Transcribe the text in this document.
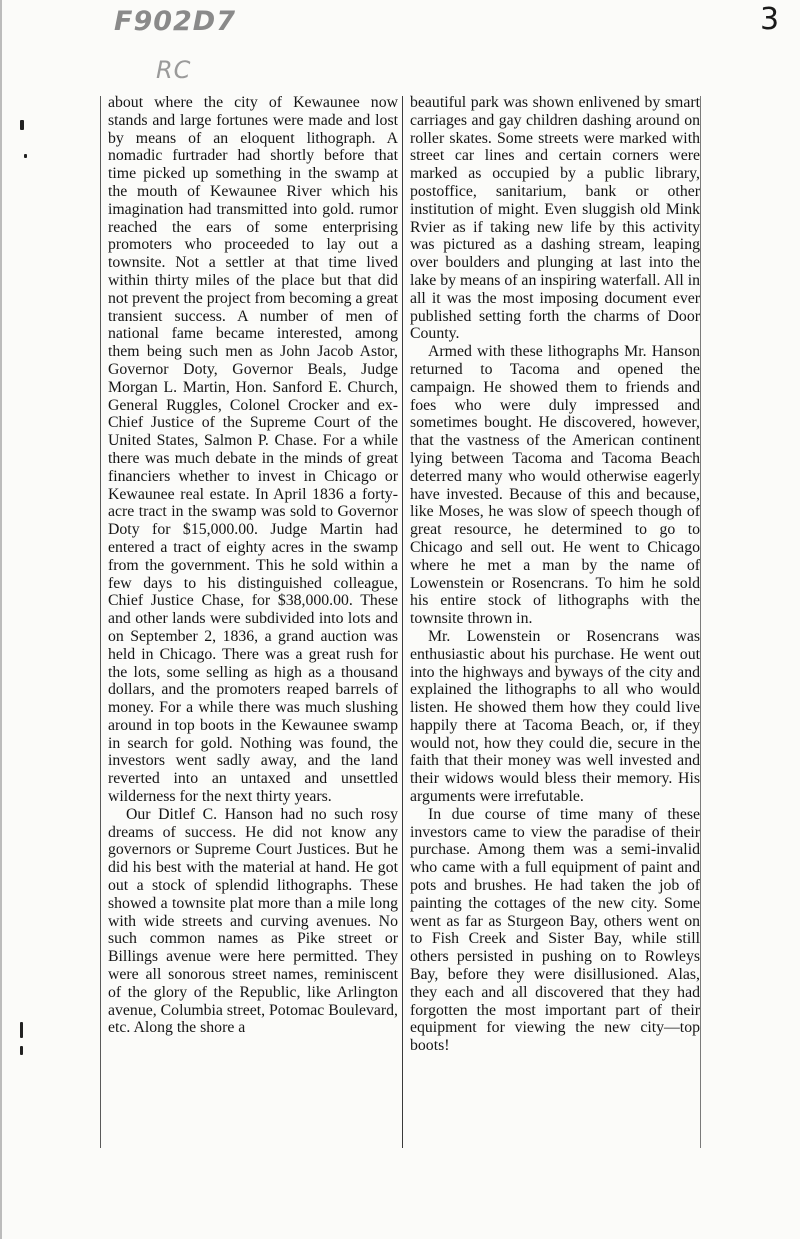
F902D7
RC
3

about where the city of Kewaunee now stands and large fortunes were made and lost by means of an eloquent lithograph. A nomadic furtrader had shortly before that time picked up something in the swamp at the mouth of Kewaunee River which his imagination had transmitted into gold. rumor reached the ears of some enterprising promoters who proceeded to lay out a townsite. Not a settler at that time lived within thirty miles of the place but that did not prevent the project from becoming a great transient success. A number of men of national fame became interested, among them being such men as John Jacob Astor, Governor Doty, Governor Beals, Judge Morgan L. Martin, Hon. Sanford E. Church, General Ruggles, Colonel Crocker and ex-Chief Justice of the Supreme Court of the United States, Salmon P. Chase. For a while there was much debate in the minds of great financiers whether to invest in Chicago or Kewaunee real estate. In April 1836 a forty-acre tract in the swamp was sold to Governor Doty for $15,000.00. Judge Martin had entered a tract of eighty acres in the swamp from the government. This he sold within a few days to his distinguished colleague, Chief Justice Chase, for $38,000.00. These and other lands were subdivided into lots and on September 2, 1836, a grand auction was held in Chicago. There was a great rush for the lots, some selling as high as a thousand dollars, and the promoters reaped barrels of money. For a while there was much slushing around in top boots in the Kewaunee swamp in search for gold. Nothing was found, the investors went sadly away, and the land reverted into an untaxed and unsettled wilderness for the next thirty years.

Our Ditlef C. Hanson had no such rosy dreams of success. He did not know any governors or Supreme Court Justices. But he did his best with the material at hand. He got out a stock of splendid lithographs. These showed a townsite plat more than a mile long with wide streets and curving avenues. No such common names as Pike street or Billings avenue were here permitted. They were all sonorous street names, reminiscent of the glory of the Republic, like Arlington avenue, Columbia street, Potomac Boulevard, etc. Along the shore a

beautiful park was shown enlivened by smart carriages and gay children dashing around on roller skates. Some streets were marked with street car lines and certain corners were marked as occupied by a public library, postoffice, sanitarium, bank or other institution of might. Even sluggish old Mink Rvier as if taking new life by this activity was pictured as a dashing stream, leaping over boulders and plunging at last into the lake by means of an inspiring waterfall. All in all it was the most imposing document ever published setting forth the charms of Door County.

Armed with these lithographs Mr. Hanson returned to Tacoma and opened the campaign. He showed them to friends and foes who were duly impressed and sometimes bought. He discovered, however, that the vastness of the American continent lying between Tacoma and Tacoma Beach deterred many who would otherwise eagerly have invested. Because of this and because, like Moses, he was slow of speech though of great resource, he determined to go to Chicago and sell out. He went to Chicago where he met a man by the name of Lowenstein or Rosencrans. To him he sold his entire stock of lithographs with the townsite thrown in.

Mr. Lowenstein or Rosencrans was enthusiastic about his purchase. He went out into the highways and byways of the city and explained the lithographs to all who would listen. He showed them how they could live happily there at Tacoma Beach, or, if they would not, how they could die, secure in the faith that their money was well invested and their widows would bless their memory. His arguments were irrefutable.

In due course of time many of these investors came to view the paradise of their purchase. Among them was a semi-invalid who came with a full equipment of paint and pots and brushes. He had taken the job of painting the cottages of the new city. Some went as far as Sturgeon Bay, others went on to Fish Creek and Sister Bay, while still others persisted in pushing on to Rowleys Bay, before they were disillusioned. Alas, they each and all discovered that they had forgotten the most important part of their equipment for viewing the new city—top boots!
